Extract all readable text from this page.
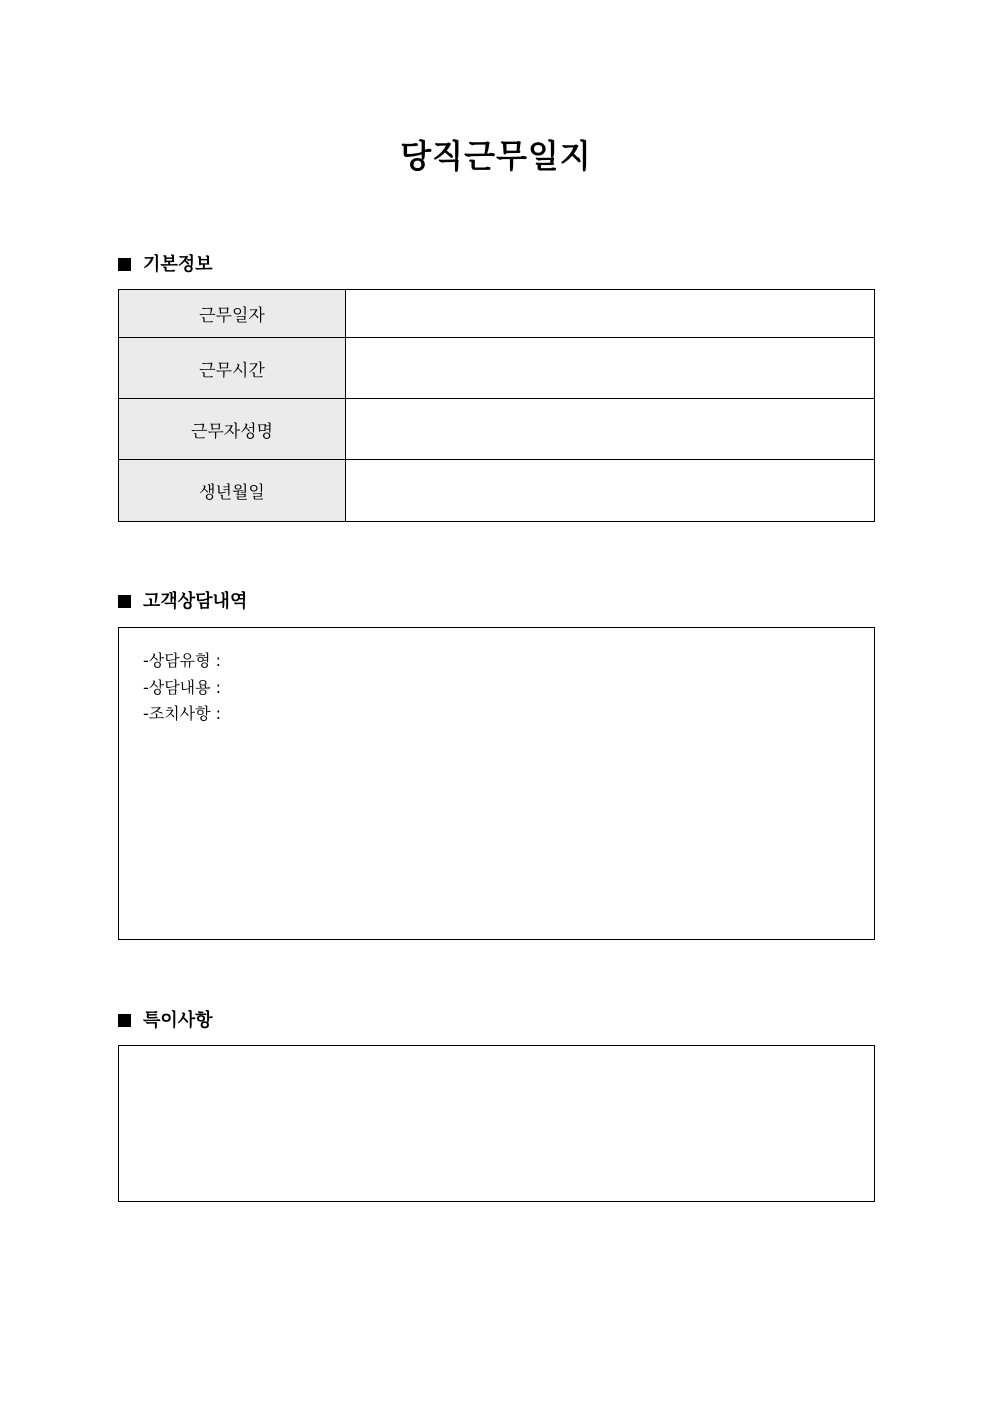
당직근무일지
기본정보
근무일자	
근무시간	
근무자성명	
생년월일	
고객상담내역
-상담유형 :
-상담내용 :
-조치사항 :
특이사항
